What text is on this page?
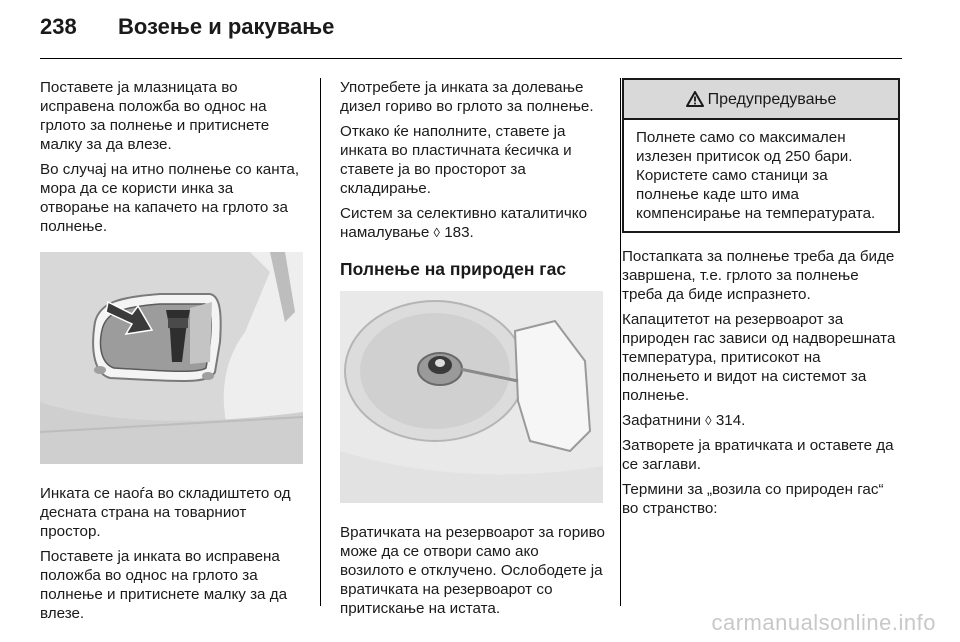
238	Возење и ракување

Поставете ја млазницата во исправена положба во однос на грлото за полнење и притиснете малку за да влезе.

Во случај на итно полнење со канта, мора да се користи инка за отворање на капачето на грлото за полнење.

Инката се наоѓа во складиштето од десната страна на товарниот простор.

Поставете ја инката во исправена положба во однос на грлото за полнење и притиснете малку за да влезе.

Употребете ја инката за долевање дизел гориво во грлото за полнење.

Откако ќе наполните, ставете ја инката во пластичната ќесичка и ставете ја во просторот за складирање.

Систем за селективно каталитичко намалување ◊ 183.

Полнење на природен гас

Вратичката на резервоарот за гориво може да се отвори само ако возилото е отклучено. Ослободете ја вратичката на резервоарот со притискање на истата.

Предупредување
Полнете само со максимален излезен притисок од 250 бари. Користете само станици за полнење каде што има компенсирање на температурата.

Постапката за полнење треба да биде завршена, т.е. грлото за полнење треба да биде испразнето.

Капацитетот на резервоарот за природен гас зависи од надворешната температура, притисокот на полнењето и видот на системот за полнење.

Зафатнини ◊ 314.

Затворете ја вратичката и оставете да се заглави.

Термини за „возила со природен гас“ во странство:

carmanualsonline.info
